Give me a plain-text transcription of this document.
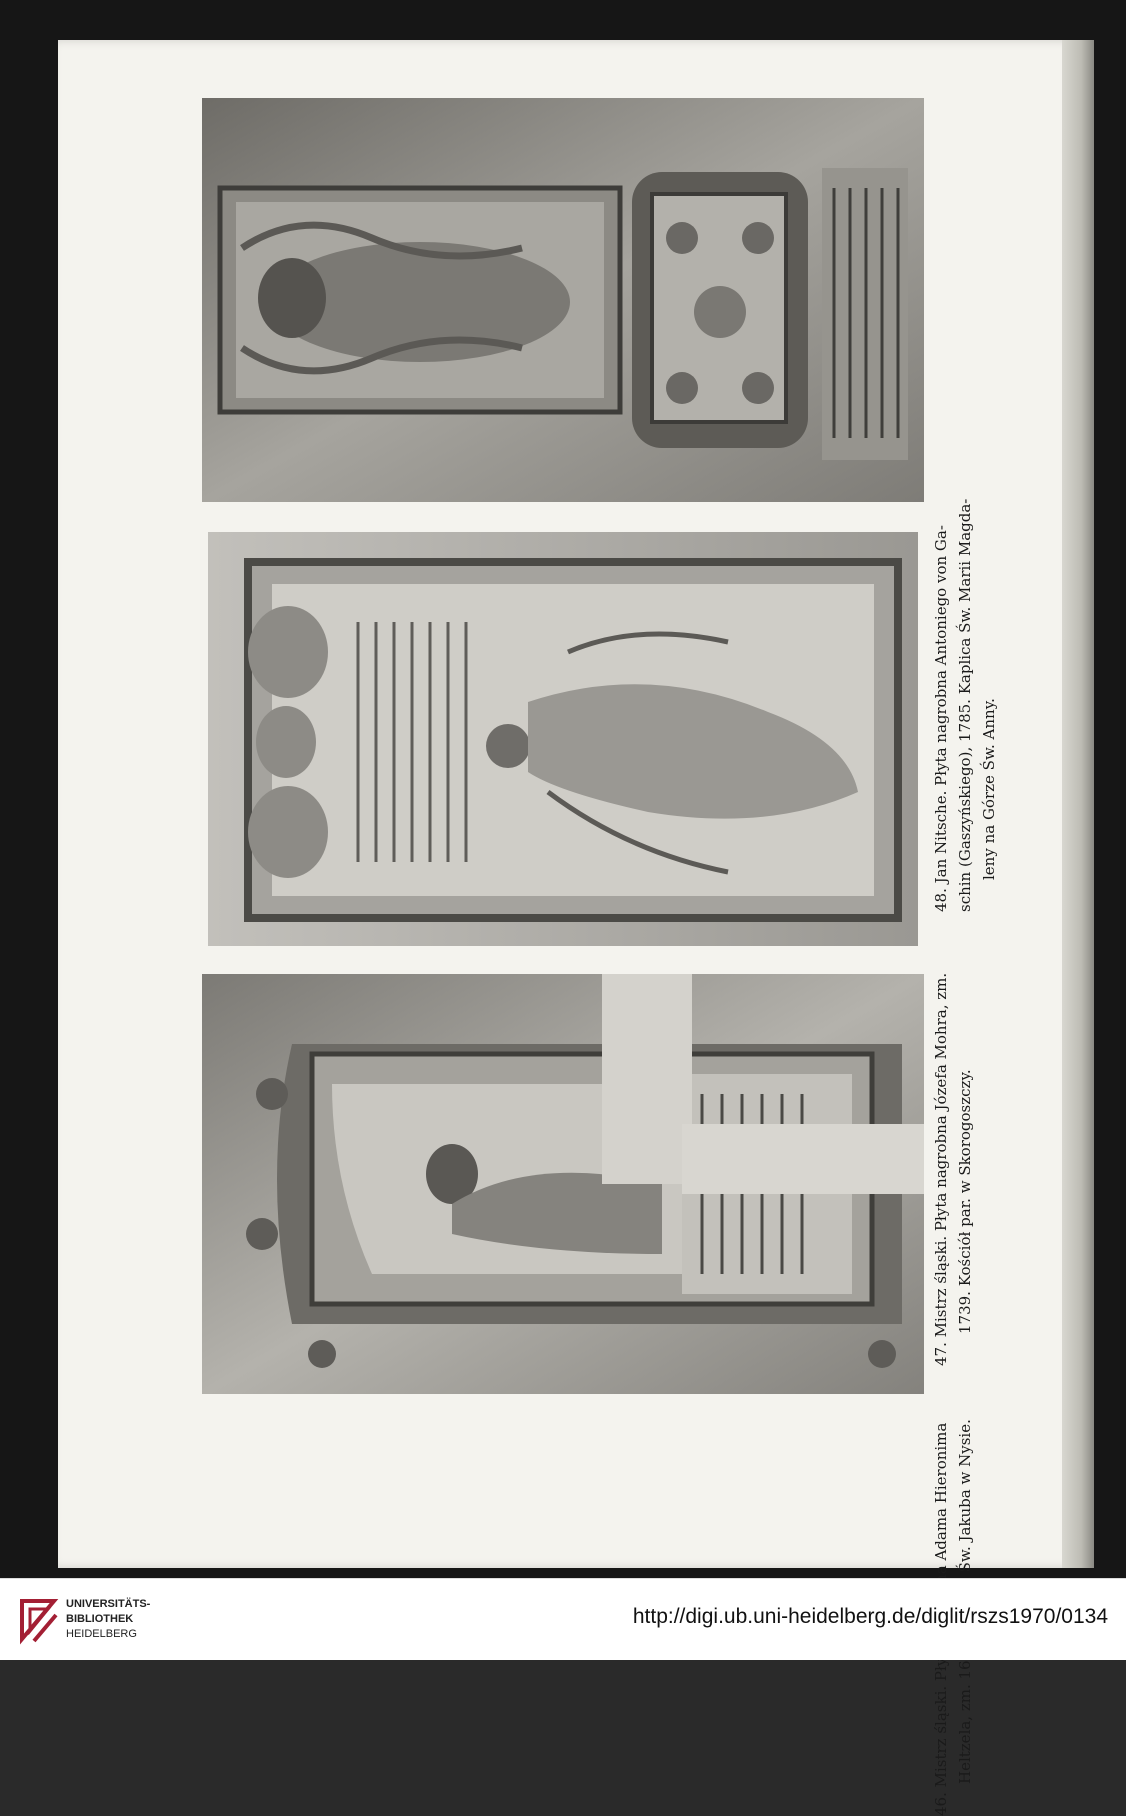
48. Jan Nitsche. Płyta nagrobna Antoniego von Ga- schin (Gaszyńskiego), 1785. Kaplica Św. Marii Magda- leny na Górze Św. Anny.

47. Mistrz śląski. Płyta nagrobna Józefa Mohra, zm. 1739. Kościół par. w Skorogoszczy.

UNIVERSITÄTS-
BIBLIOTHEK
HEIDELBERG
http://digi.ub.uni-heidelberg.de/diglit/rszs1970/0134
